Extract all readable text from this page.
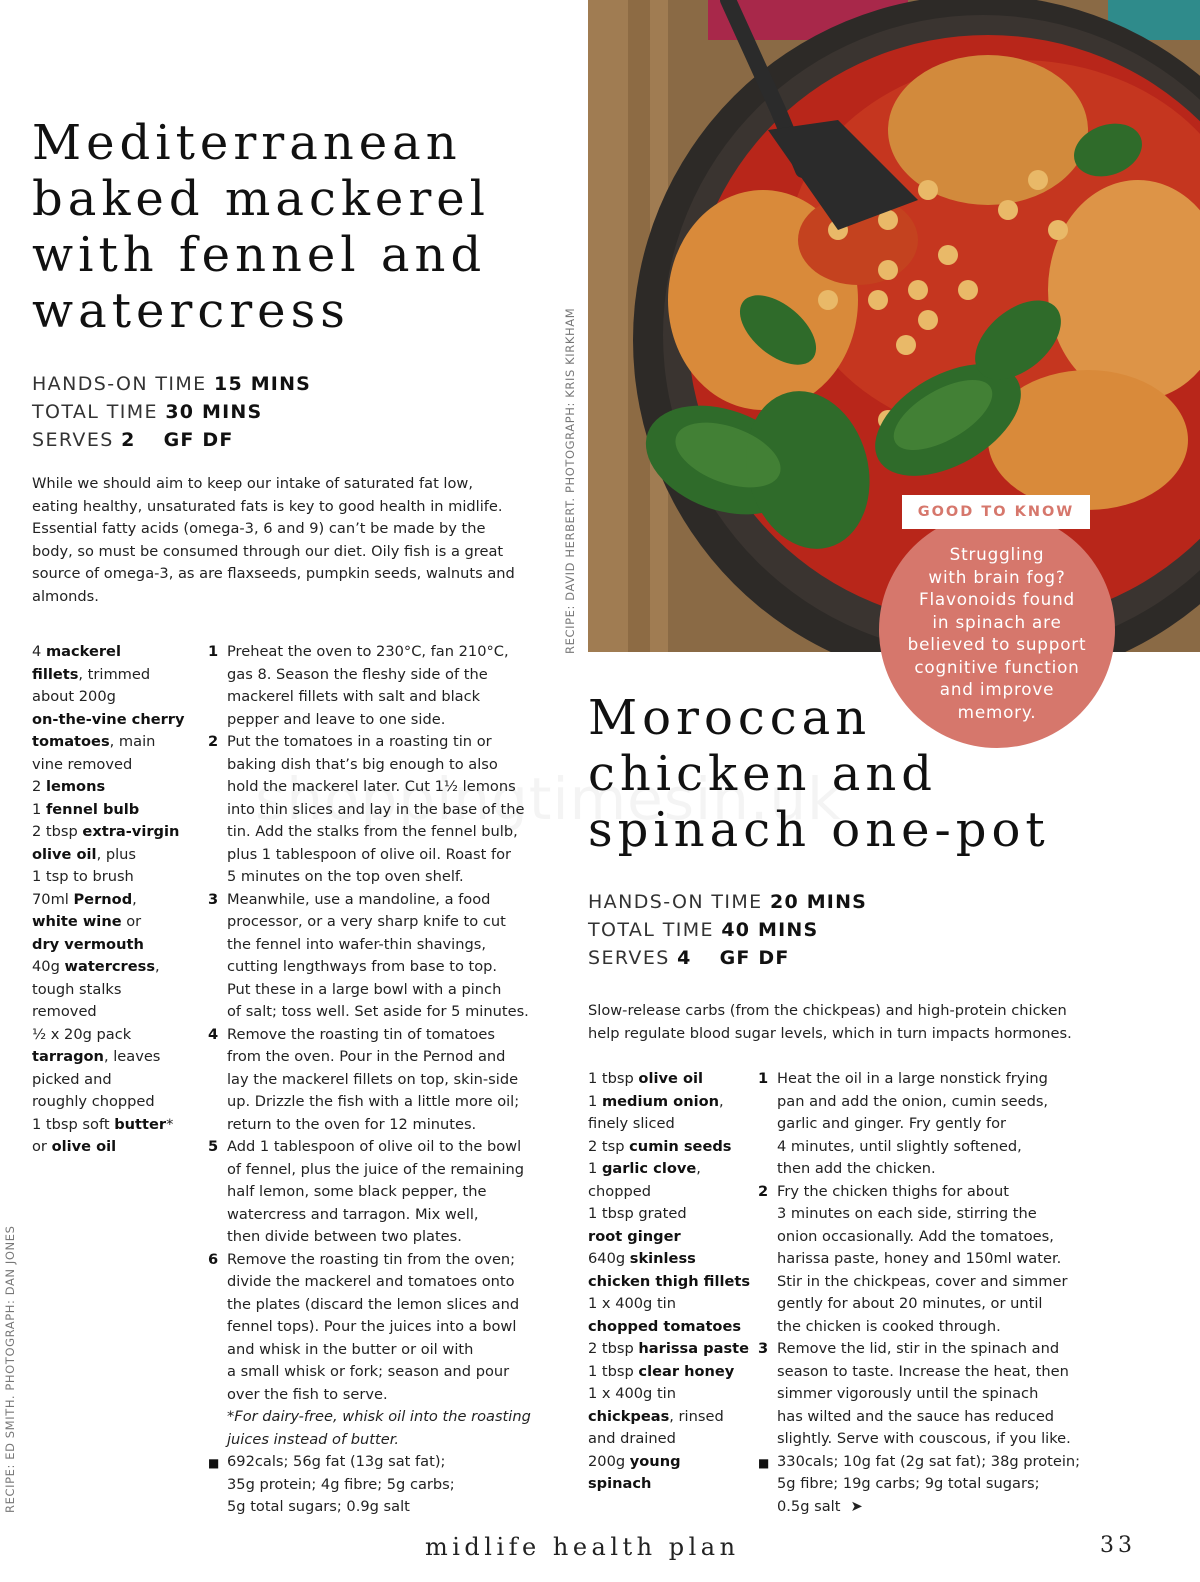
Mediterranean
baked mackerel
with fennel and
watercress
HANDS-ON TIME 15 MINS
TOTAL TIME 30 MINS
SERVES 2 GF DF

While we should aim to keep our intake of saturated fat low, eating healthy, unsaturated fats is key to good health in midlife. Essential fatty acids (omega-3, 6 and 9) can’t be made by the body, so must be consumed through our diet. Oily fish is a great source of omega-3, as are flaxseeds, pumpkin seeds, walnuts and almonds.

4 mackerel
fillets, trimmed
about 200g
on-the-vine cherry
tomatoes, main
vine removed
2 lemons
1 fennel bulb
2 tbsp extra-virgin
olive oil, plus
1 tsp to brush
70ml Pernod,
white wine or
dry vermouth
40g watercress,
tough stalks
removed
½ x 20g pack
tarragon, leaves
picked and
roughly chopped
1 tbsp soft butter*
or olive oil
1 Preheat the oven to 230°C, fan 210°C,
gas 8. Season the fleshy side of the
mackerel fillets with salt and black
pepper and leave to one side.
2 Put the tomatoes in a roasting tin or
baking dish that’s big enough to also
hold the mackerel later. Cut 1½ lemons
into thin slices and lay in the base of the
tin. Add the stalks from the fennel bulb,
plus 1 tablespoon of olive oil. Roast for
5 minutes on the top oven shelf.
3 Meanwhile, use a mandoline, a food
processor, or a very sharp knife to cut
the fennel into wafer-thin shavings,
cutting lengthways from base to top.
Put these in a large bowl with a pinch
of salt; toss well. Set aside for 5 minutes.
4 Remove the roasting tin of tomatoes
from the oven. Pour in the Pernod and
lay the mackerel fillets on top, skin-side
up. Drizzle the fish with a little more oil;
return to the oven for 12 minutes.
5 Add 1 tablespoon of olive oil to the bowl
of fennel, plus the juice of the remaining
half lemon, some black pepper, the
watercress and tarragon. Mix well,
then divide between two plates.
6 Remove the roasting tin from the oven;
divide the mackerel and tomatoes onto
the plates (discard the lemon slices and
fennel tops). Pour the juices into a bowl
and whisk in the butter or oil with
a small whisk or fork; season and pour
over the fish to serve.
*For dairy-free, whisk oil into the roasting
juices instead of butter.
■ 692cals; 56g fat (13g sat fat);
35g protein; 4g fibre; 5g carbs;
5g total sugars; 0.9g salt
RECIPE: ED SMITH. PHOTOGRAPH: DAN JONES
RECIPE: DAVID HERBERT. PHOTOGRAPH: KRIS KIRKHAM	Struggling
with brain fog?
Flavonoids found
in spinach are
believed to support
cognitive function
and improve
memory.
GOOD TO KNOW
Moroccan
chicken and
spinach one-pot
HANDS-ON TIME 20 MINS
TOTAL TIME 40 MINS
SERVES 4 GF DF

Slow-release carbs (from the chickpeas) and high-protein chicken help regulate blood sugar levels, which in turn impacts hormones.

1 tbsp olive oil
1 medium onion,
finely sliced
2 tsp cumin seeds
1 garlic clove,
chopped
1 tbsp grated
root ginger
640g skinless
chicken thigh fillets
1 x 400g tin
chopped tomatoes
2 tbsp harissa paste
1 tbsp clear honey
1 x 400g tin
chickpeas, rinsed
and drained
200g young
spinach
1 Heat the oil in a large nonstick frying
pan and add the onion, cumin seeds,
garlic and ginger. Fry gently for
4 minutes, until slightly softened,
then add the chicken.
2 Fry the chicken thighs for about
3 minutes on each side, stirring the
onion occasionally. Add the tomatoes,
harissa paste, honey and 150ml water.
Stir in the chickpeas, cover and simmer
gently for about 20 minutes, or until
the chicken is cooked through.
3 Remove the lid, stir in the spinach and
season to taste. Increase the heat, then
simmer vigorously until the spinach
has wilted and the sauce has reduced
slightly. Serve with couscous, if you like.
■ 330cals; 10g fat (2g sat fat); 38g protein;
5g fibre; 19g carbs; 9g total sugars;
0.5g salt ➤
midlife health plan	33
